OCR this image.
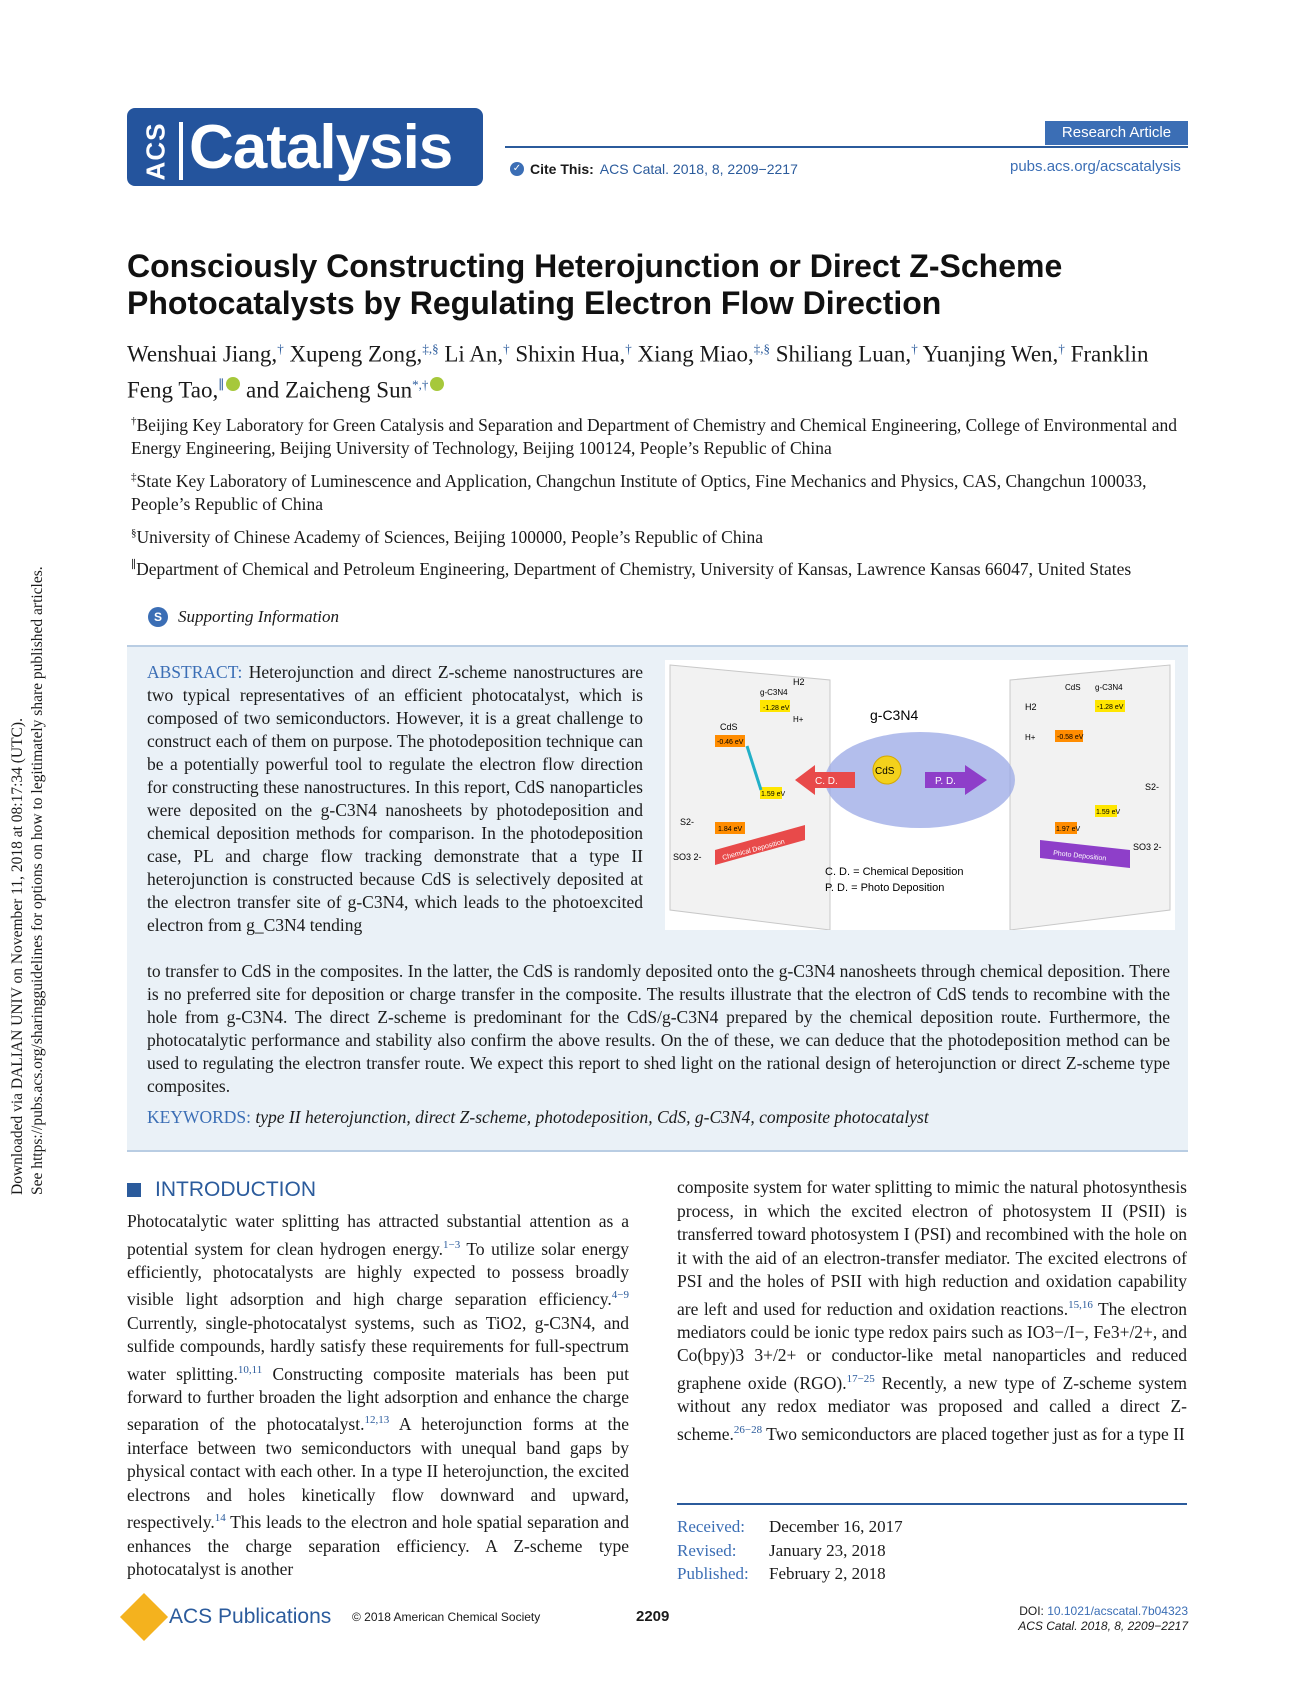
Downloaded via DALIAN UNIV on November 11, 2018 at 08:17:34 (UTC). See https://pubs.acs.org/sharingguidelines for options on how to legitimately share published articles.
ACS Catalysis	Research Article
✓ Cite This: ACS Catal. 2018, 8, 2209−2217	pubs.acs.org/acscatalysis
Consciously Constructing Heterojunction or Direct Z-Scheme Photocatalysts by Regulating Electron Flow Direction
Wenshuai Jiang,† Xupeng Zong,‡,§ Li An,† Shixin Hua,† Xiang Miao,‡,§ Shiliang Luan,† Yuanjing Wen,† Franklin Feng Tao,∥ and Zaicheng Sun*,†
†Beijing Key Laboratory for Green Catalysis and Separation and Department of Chemistry and Chemical Engineering, College of Environmental and Energy Engineering, Beijing University of Technology, Beijing 100124, People’s Republic of China
‡State Key Laboratory of Luminescence and Application, Changchun Institute of Optics, Fine Mechanics and Physics, CAS, Changchun 100033, People’s Republic of China
§University of Chinese Academy of Sciences, Beijing 100000, People’s Republic of China
∥Department of Chemical and Petroleum Engineering, Department of Chemistry, University of Kansas, Lawrence Kansas 66047, United States
S Supporting Information
ABSTRACT: Heterojunction and direct Z-scheme nanostructures are two typical representatives of an efficient photocatalyst, which is composed of two semiconductors. However, it is a great challenge to construct each of them on purpose. The photodeposition technique can be a potentially powerful tool to regulate the electron flow direction for constructing these nanostructures. In this report, CdS nanoparticles were deposited on the g-C3N4 nanosheets by photodeposition and chemical deposition methods for comparison. In the photodeposition case, PL and charge flow tracking demonstrate that a type II heterojunction is constructed because CdS is selectively deposited at the electron transfer site of g-C3N4, which leads to the photoexcited electron from g_C3N4 tending
to transfer to CdS in the composites. In the latter, the CdS is randomly deposited onto the g-C3N4 nanosheets through chemical deposition. There is no preferred site for deposition or charge transfer in the composite. The results illustrate that the electron of CdS tends to recombine with the hole from g-C3N4. The direct Z-scheme is predominant for the CdS/g-C3N4 prepared by the chemical deposition route. Furthermore, the photocatalytic performance and stability also confirm the above results. On the of these, we can deduce that the photodeposition method can be used to regulating the electron transfer route. We expect this report to shed light on the rational design of heterojunction or direct Z-scheme type composites.
KEYWORDS: type II heterojunction, direct Z-scheme, photodeposition, CdS, g-C3N4, composite photocatalyst
-1.28 eV
g-C3N4
H2
H+
CdS
-0.46 eV
1.59 eV
1.84 eV
S2-
SO3 2-	Chemical Deposition
g-C3N4
CdS
C. D.	P. D.
C. D. = Chemical Deposition
P. D. = Photo Deposition
CdS g-C3N4
-1.28 eV
-0.58 eV
H2
H+
1.59 eV
1.97 eV
S2-
SO3 2-
Photo Deposition
INTRODUCTION
Photocatalytic water splitting has attracted substantial attention as a potential system for clean hydrogen energy.$^{1-3}$ To utilize solar energy efficiently, photocatalysts are highly expected to possess broadly visible light adsorption and high charge separation efficiency.$^{4-9}$ Currently, single-photocatalyst systems, such as TiO2, g-C3N4, and sulfide compounds, hardly satisfy these requirements for full-spectrum water splitting.$^{10,11}$ Constructing composite materials has been put forward to further broaden the light adsorption and enhance the charge separation of the photocatalyst.$^{12,13}$ A heterojunction forms at the interface between two semiconductors with unequal band gaps by physical contact with each other. In a type II heterojunction, the excited electrons and holes kinetically flow downward and upward, respectively.$^{14}$ This leads to the electron and hole spatial separation and enhances the charge separation efficiency. A Z-scheme type photocatalyst is another
composite system for water splitting to mimic the natural photosynthesis process, in which the excited electron of photosystem II (PSII) is transferred toward photosystem I (PSI) and recombined with the hole on it with the aid of an electron-transfer mediator. The excited electrons of PSI and the holes of PSII with high reduction and oxidation capability are left and used for reduction and oxidation reactions.$^{15,16}$ The electron mediators could be ionic type redox pairs such as IO3−/I−, Fe3+/2+, and Co(bpy)3 3+/2+ or conductor-like metal nanoparticles and reduced graphene oxide (RGO).$^{17-25}$ Recently, a new type of Z-scheme system without any redox mediator was proposed and called a direct Z-scheme.$^{26-28}$ Two semiconductors are placed together just as for a type II
Received: December 16, 2017
Revised: January 23, 2018
Published: February 2, 2018
ACS Publications © 2018 American Chemical Society	2209	DOI: 10.1021/acscatal.7b04323
ACS Catal. 2018, 8, 2209−2217
